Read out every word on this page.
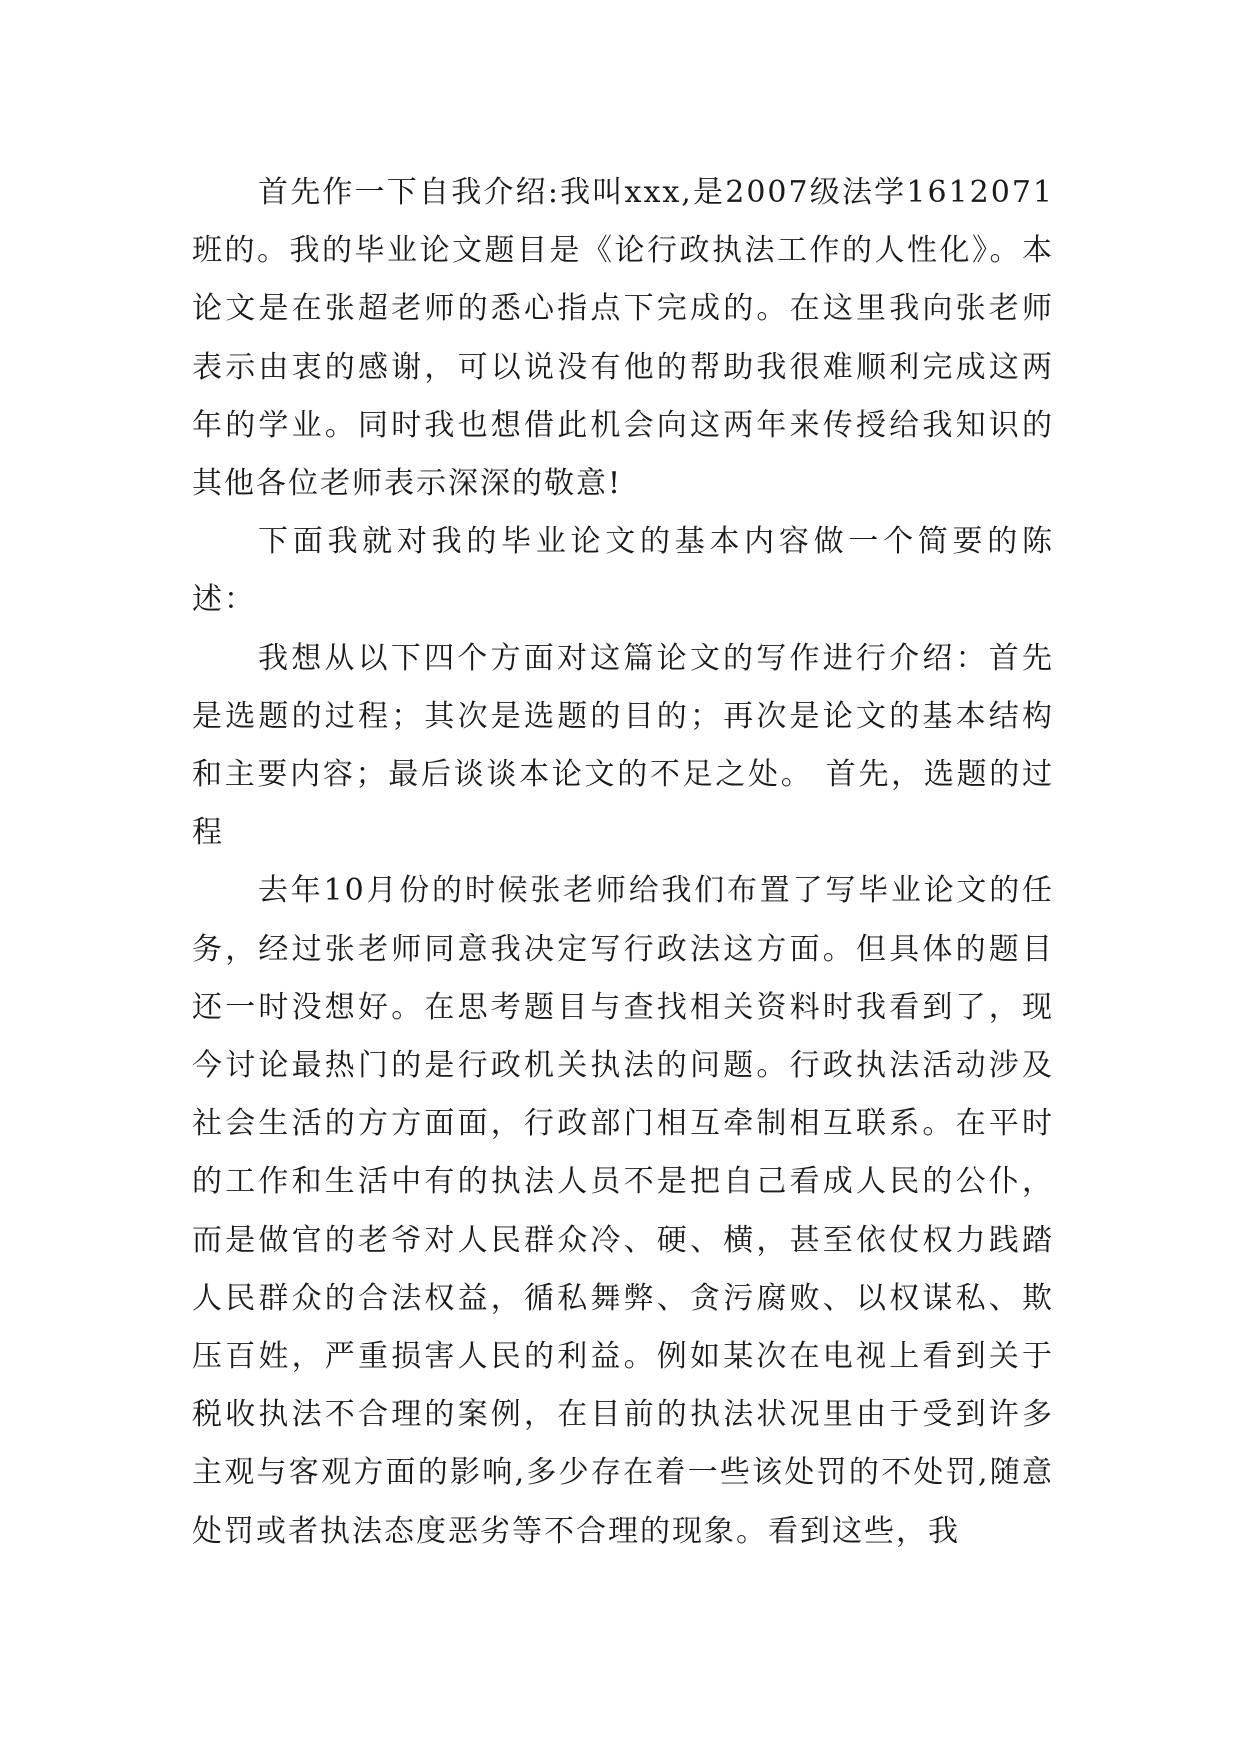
首先作一下自我介绍:我叫xxx,是2007级法学1612071班的。我的毕业论文题目是《论行政执法工作的人性化》。本论文是在张超老师的悉心指点下完成的。在这里我向张老师表示由衷的感谢，可以说没有他的帮助我很难顺利完成这两年的学业。同时我也想借此机会向这两年来传授给我知识的其他各位老师表示深深的敬意!

下面我就对我的毕业论文的基本内容做一个简要的陈述：

我想从以下四个方面对这篇论文的写作进行介绍：首先是选题的过程；其次是选题的目的；再次是论文的基本结构和主要内容；最后谈谈本论文的不足之处。 首先，选题的过程

去年10月份的时候张老师给我们布置了写毕业论文的任务，经过张老师同意我决定写行政法这方面。但具体的题目还一时没想好。在思考题目与查找相关资料时我看到了，现今讨论最热门的是行政机关执法的问题。行政执法活动涉及社会生活的方方面面，行政部门相互牵制相互联系。在平时的工作和生活中有的执法人员不是把自己看成人民的公仆，而是做官的老爷对人民群众冷、硬、横，甚至依仗权力践踏人民群众的合法权益，循私舞弊、贪污腐败、以权谋私、欺压百姓，严重损害人民的利益。例如某次在电视上看到关于税收执法不合理的案例，在目前的执法状况里由于受到许多主观与客观方面的影响,多少存在着一些该处罚的不处罚,随意处罚或者执法态度恶劣等不合理的现象。看到这些，我
